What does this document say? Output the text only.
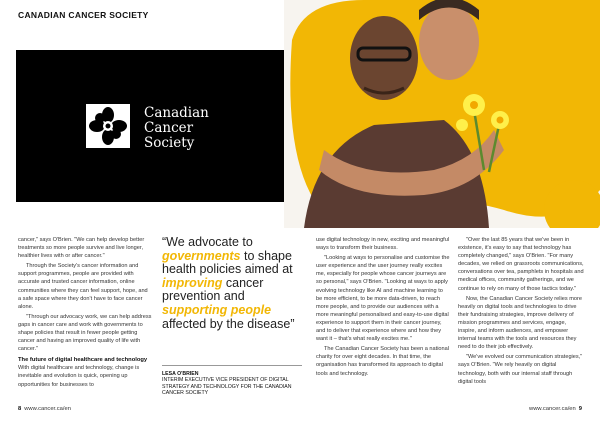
CANADIAN CANCER SOCIETY
Canadian
Cancer
Society

cancer," says O'Brien. "We can help develop better treatments so more people survive and live longer, healthier lives with or after cancer."

Through the Society's cancer information and support programmes, people are provided with accurate and trusted cancer information, online communities where they can feel support, hope, and a safe space where they don't have to face cancer alone.

"Through our advocacy work, we can help address gaps in cancer care and work with governments to shape policies that result in fewer people getting cancer and having an improved quality of life with cancer."

The future of digital healthcare and technology

With digital healthcare and technology, change is inevitable and evolution is quick, opening up opportunities for businesses to

use digital technology in new, exciting and meaningful ways to transform their business.

"Looking at ways to personalise and customise the user experience and the user journey really excites me, especially for people whose cancer journeys are so personal," says O'Brien. "Looking at ways to apply evolving technology like AI and machine learning to be more efficient, to be more data-driven, to reach more people, and to provide our audiences with a more meaningful personalised and easy-to-use digital experience to support them in their cancer journey, and to deliver that experience where and how they want it – that's what really excites me."

The Canadian Cancer Society has been a national charity for over eight decades. In that time, the organisation has transformed its approach to digital tools and technology.

"Over the last 85 years that we've been in existence, it's easy to say that technology has completely changed," says O'Brien. "For many decades, we relied on grassroots communications, conversations over tea, pamphlets in hospitals and medical offices, community gatherings, and we continue to rely on many of those tactics today."

Now, the Canadian Cancer Society relies more heavily on digital tools and technologies to drive their fundraising strategies, improve delivery of mission programmes and services, engage, inspire, and inform audiences, and empower internal teams with the tools and resources they need to do their job effectively.

"We've evolved our communication strategies," says O'Brien. "We rely heavily on digital technology, both with our internal staff through digital tools

“We advocate to governments to shape health policies aimed at improving cancer prevention and supporting people affected by the disease”
LESA O'BRIEN
INTERIM EXECUTIVE VICE PRESIDENT OF DIGITAL STRATEGY AND TECHNOLOGY FOR THE CANADIAN CANCER SOCIETY
8 www.cancer.ca/en	www.cancer.ca/en 9
